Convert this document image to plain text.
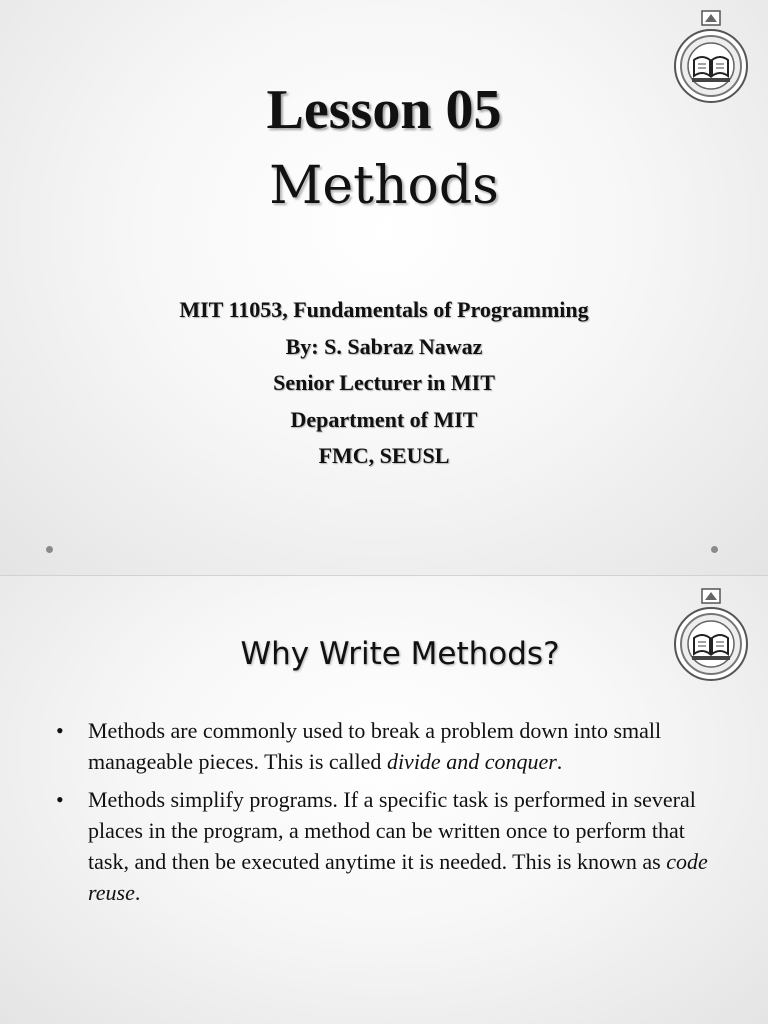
Lesson 05
Methods
MIT 11053, Fundamentals of Programming
By: S. Sabraz Nawaz
Senior Lecturer in MIT
Department of MIT
FMC, SEUSL
Why Write Methods?
• Methods are commonly used to break a problem down into small manageable pieces. This is called divide and conquer.
• Methods simplify programs. If a specific task is performed in several places in the program, a method can be written once to perform that task, and then be executed anytime it is needed. This is known as code reuse.
